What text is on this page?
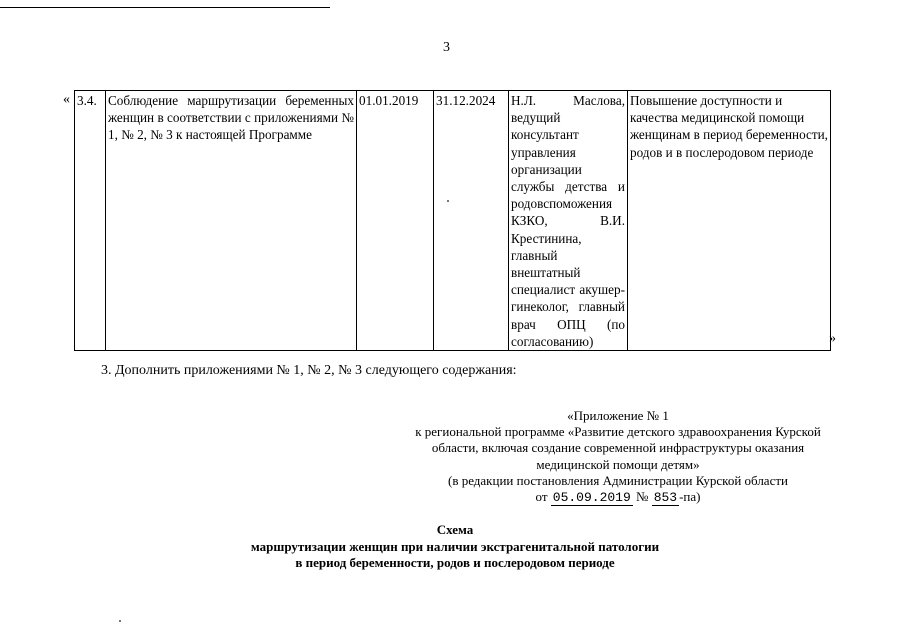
3
« 3.4.	Соблюдение маршрутизации беременных женщин в соответствии с приложениями № 1, № 2, № 3 к настоящей Программе	01.01.2019	31.12.2024	Н.Л. Маслова, ведущий консультант управления организации службы детства и родовспоможения КЗКО, В.И. Крестинина, главный внештатный специалист акушер-гинеколог, главный врач ОПЦ (по согласованию)	Повышение доступности и качества медицинской помощи женщинам в период беременности, родов и в послеродовом периоде
»
3. Дополнить приложениями № 1, № 2, № 3 следующего содержания:
«Приложение № 1
к региональной программе «Развитие детского здравоохранения Курской
области, включая создание современной инфраструктуры оказания
медицинской помощи детям»
(в редакции постановления Администрации Курской области
от 05.09.2019 № 853 -па)
Схема
маршрутизации женщин при наличии экстрагенитальной патологии
в период беременности, родов и послеродовом периоде
